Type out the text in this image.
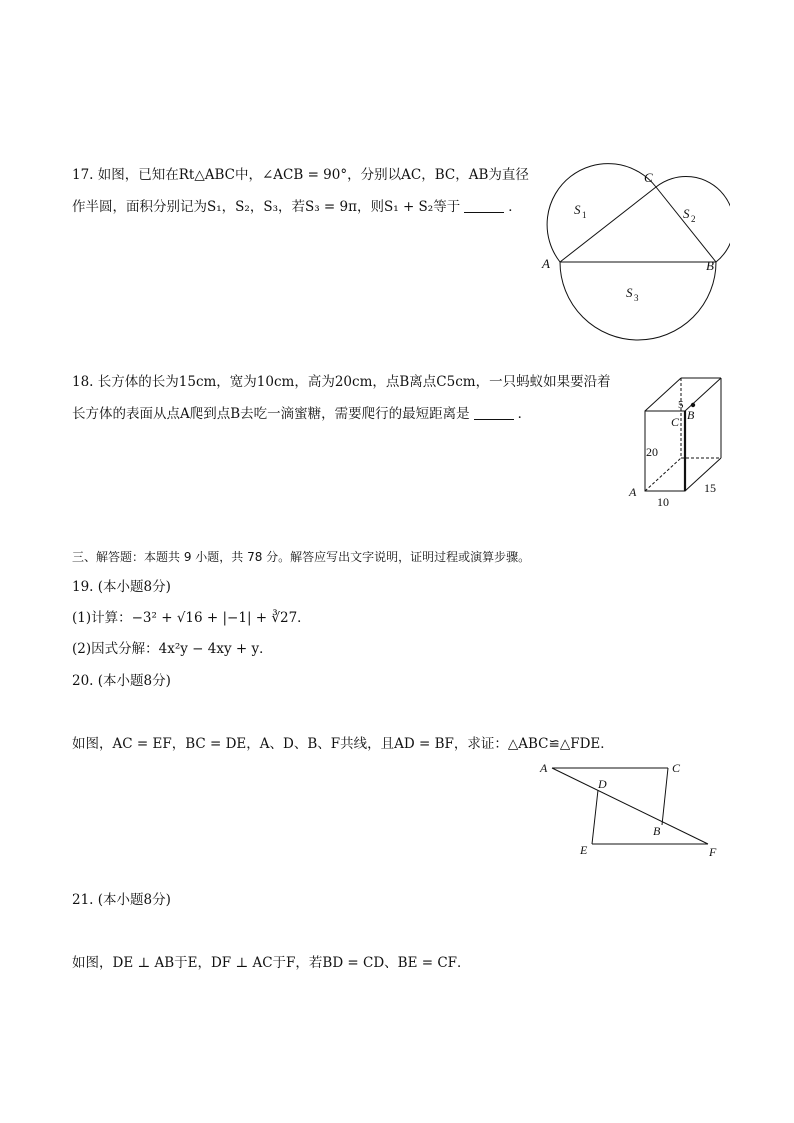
17. 如图，已知在Rt△ABC中，∠ACB = 90°，分别以AC，BC，AB为直径
作半圆，面积分别记为S₁，S₂，S₃，若S₃ = 9π，则S₁ + S₂等于	．
A	B
C
S 1	S 2
S 3
18. 长方体的长为15cm，宽为10cm，高为20cm，点B离点C5cm，一只蚂蚁如果要沿着
长方体的表面从点A爬到点B去吃一滴蜜糖，需要爬行的最短距离是	．
A
B
C
5
20
10
15
三、解答题：本题共 9 小题，共 78 分。解答应写出文字说明，证明过程或演算步骤。
19. (本小题8分)
(1)计算：−3² + √16 + |−1| + ∛27．
(2)因式分解：4x²y − 4xy + y．
20. (本小题8分)
如图，AC = EF，BC = DE，A、D、B、F共线，且AD = BF，求证：△ABC≌△FDE．
A	C
D
B
E	F
21. (本小题8分)
如图，DE ⊥ AB于E，DF ⊥ AC于F，若BD = CD、BE = CF．
